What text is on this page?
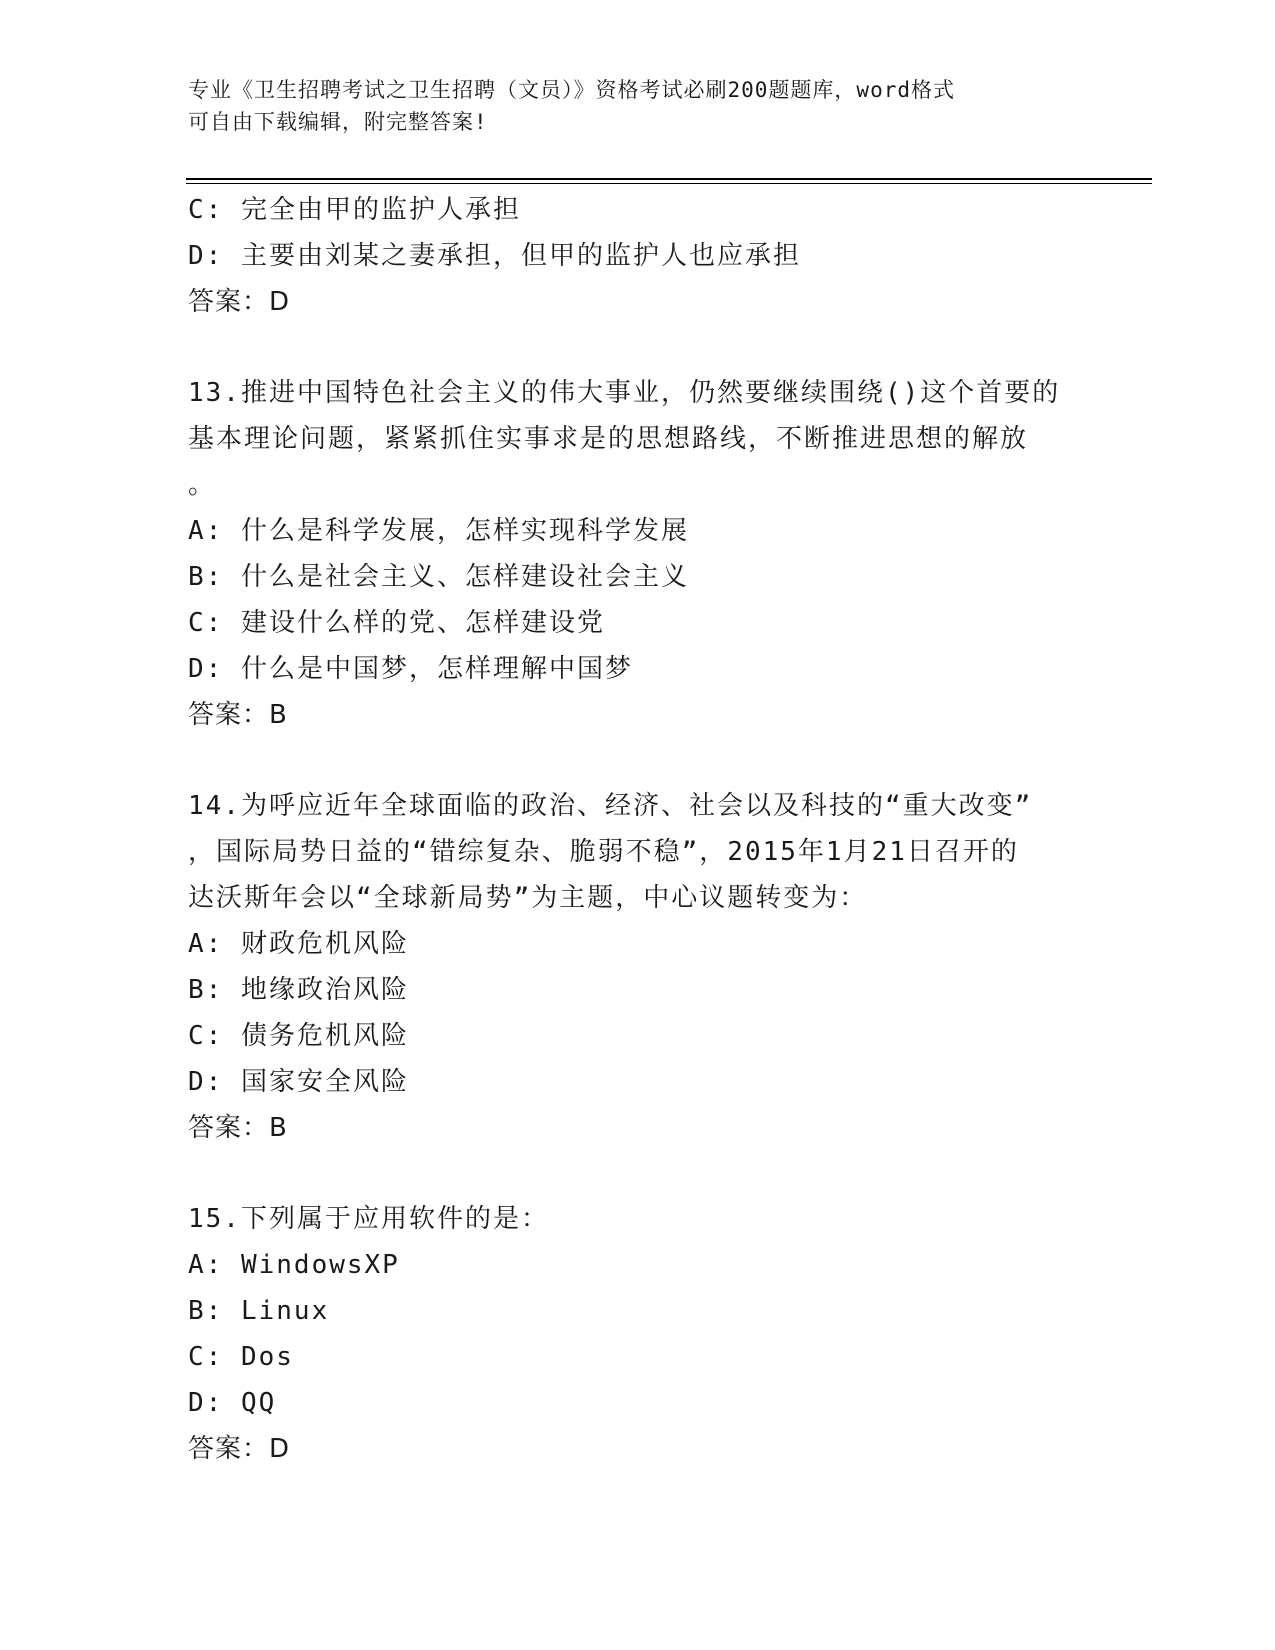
专业《卫生招聘考试之卫生招聘（文员）》资格考试必刷200题题库，word格式
可自由下载编辑，附完整答案!
C: 完全由甲的监护人承担
D: 主要由刘某之妻承担，但甲的监护人也应承担
答案：D
13.推进中国特色社会主义的伟大事业，仍然要继续围绕()这个首要的
基本理论问题，紧紧抓住实事求是的思想路线，不断推进思想的解放
。
A: 什么是科学发展，怎样实现科学发展
B: 什么是社会主义、怎样建设社会主义
C: 建设什么样的党、怎样建设党
D: 什么是中国梦，怎样理解中国梦
答案：B
14.为呼应近年全球面临的政治、经济、社会以及科技的“重大改变”
，国际局势日益的“错综复杂、脆弱不稳”，2015年1月21日召开的
达沃斯年会以“全球新局势”为主题，中心议题转变为：
A: 财政危机风险
B: 地缘政治风险
C: 债务危机风险
D: 国家安全风险
答案：B
15.下列属于应用软件的是：
A: WindowsXP
B: Linux
C: Dos
D: QQ
答案：D
